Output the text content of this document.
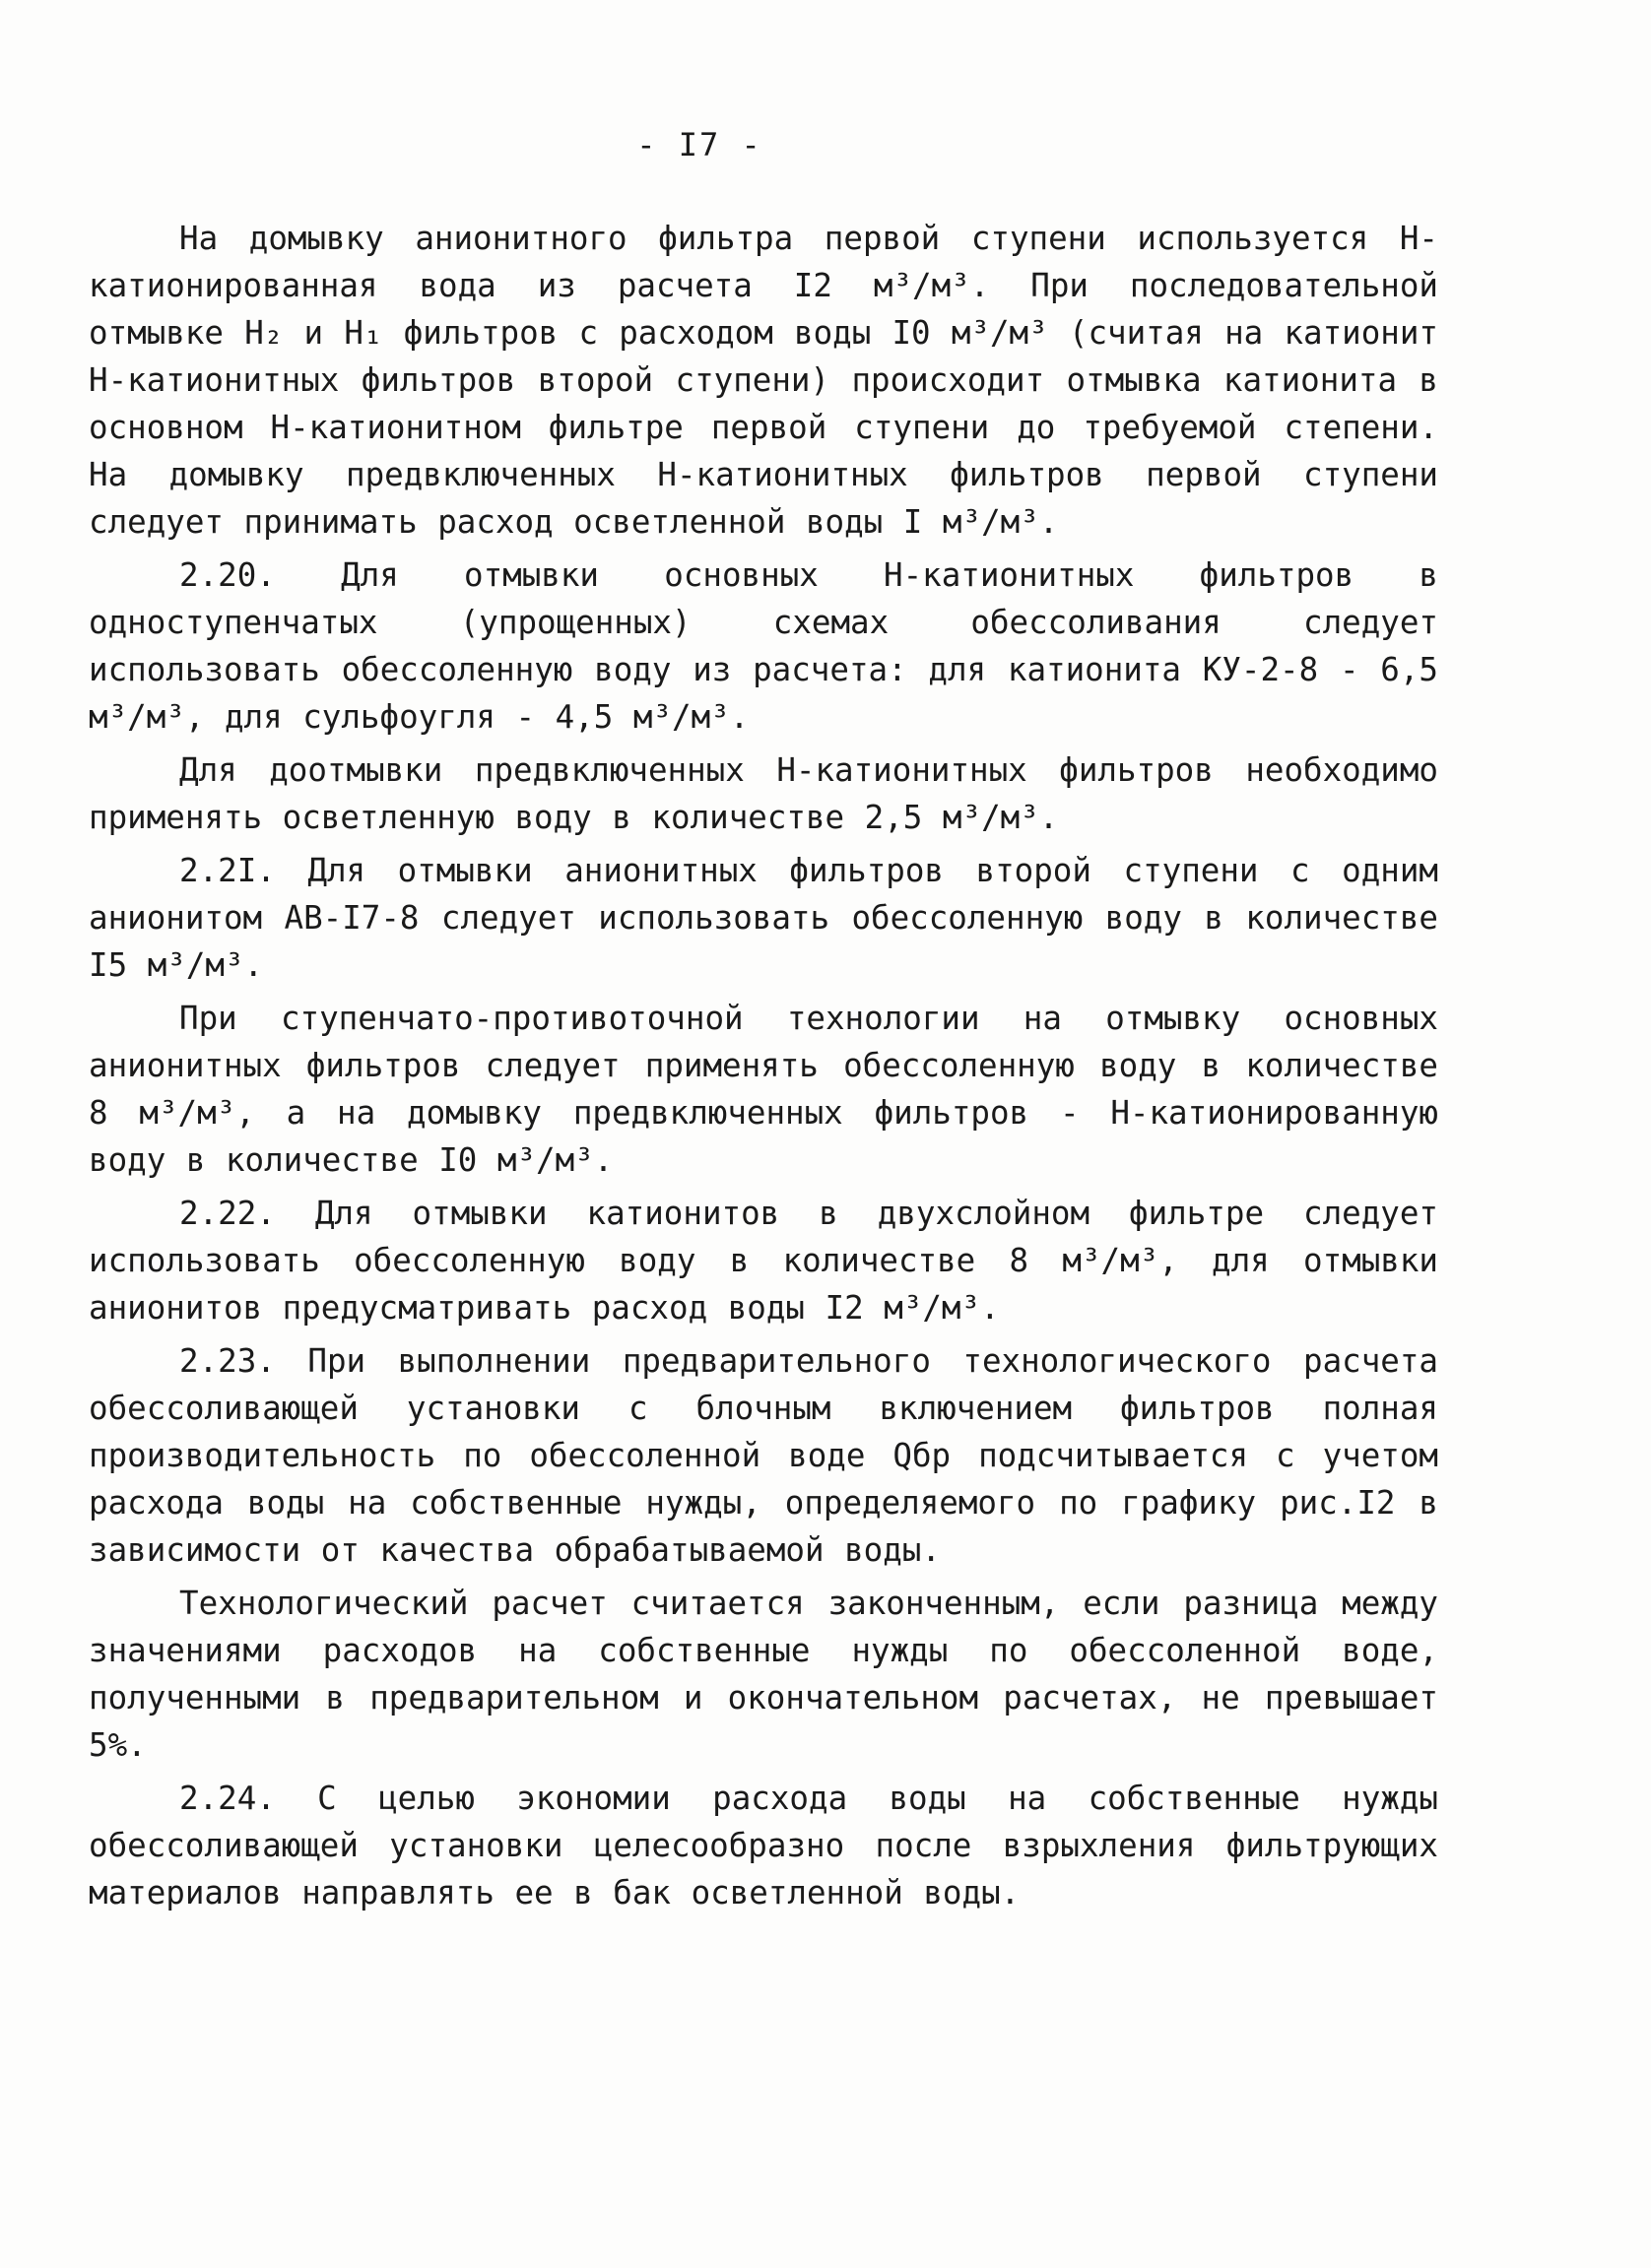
- I7 -

На домывку анионитного фильтра первой ступени используется H-катионированная вода из расчета I2 м³/м³. При последовательной отмывке H₂ и H₁ фильтров с расходом воды I0 м³/м³ (считая на катионит H-катионитных фильтров второй ступени) происходит отмывка катионита в основном H-катионитном фильтре первой ступени до требуемой степени. На домывку предвключенных H-катионитных фильтров первой ступени следует принимать расход осветленной воды I м³/м³.

2.20. Для отмывки основных H-катионитных фильтров в одноступенчатых (упрощенных) схемах обессоливания следует использовать обессоленную воду из расчета: для катионита КУ-2-8 - 6,5 м³/м³, для сульфоугля - 4,5 м³/м³.

Для доотмывки предвключенных H-катионитных фильтров необходимо применять осветленную воду в количестве 2,5 м³/м³.

2.2I. Для отмывки анионитных фильтров второй ступени с одним анионитом АВ-I7-8 следует использовать обессоленную воду в количестве I5 м³/м³.

При ступенчато-противоточной технологии на отмывку основных анионитных фильтров следует применять обессоленную воду в количестве 8 м³/м³, а на домывку предвключенных фильтров - H-катионированную воду в количестве I0 м³/м³.

2.22. Для отмывки катионитов в двухслойном фильтре следует использовать обессоленную воду в количестве 8 м³/м³, для отмывки анионитов предусматривать расход воды I2 м³/м³.

2.23. При выполнении предварительного технологического расчета обессоливающей установки с блочным включением фильтров полная производительность по обессоленной воде Qбр подсчитывается с учетом расхода воды на собственные нужды, определяемого по графику рис.I2 в зависимости от качества обрабатываемой воды.

Технологический расчет считается законченным, если разница между значениями расходов на собственные нужды по обессоленной воде, полученными в предварительном и окончательном расчетах, не превышает 5%.

2.24. С целью экономии расхода воды на собственные нужды обессоливающей установки целесообразно после взрыхления фильтрующих материалов направлять ее в бак осветленной воды.
